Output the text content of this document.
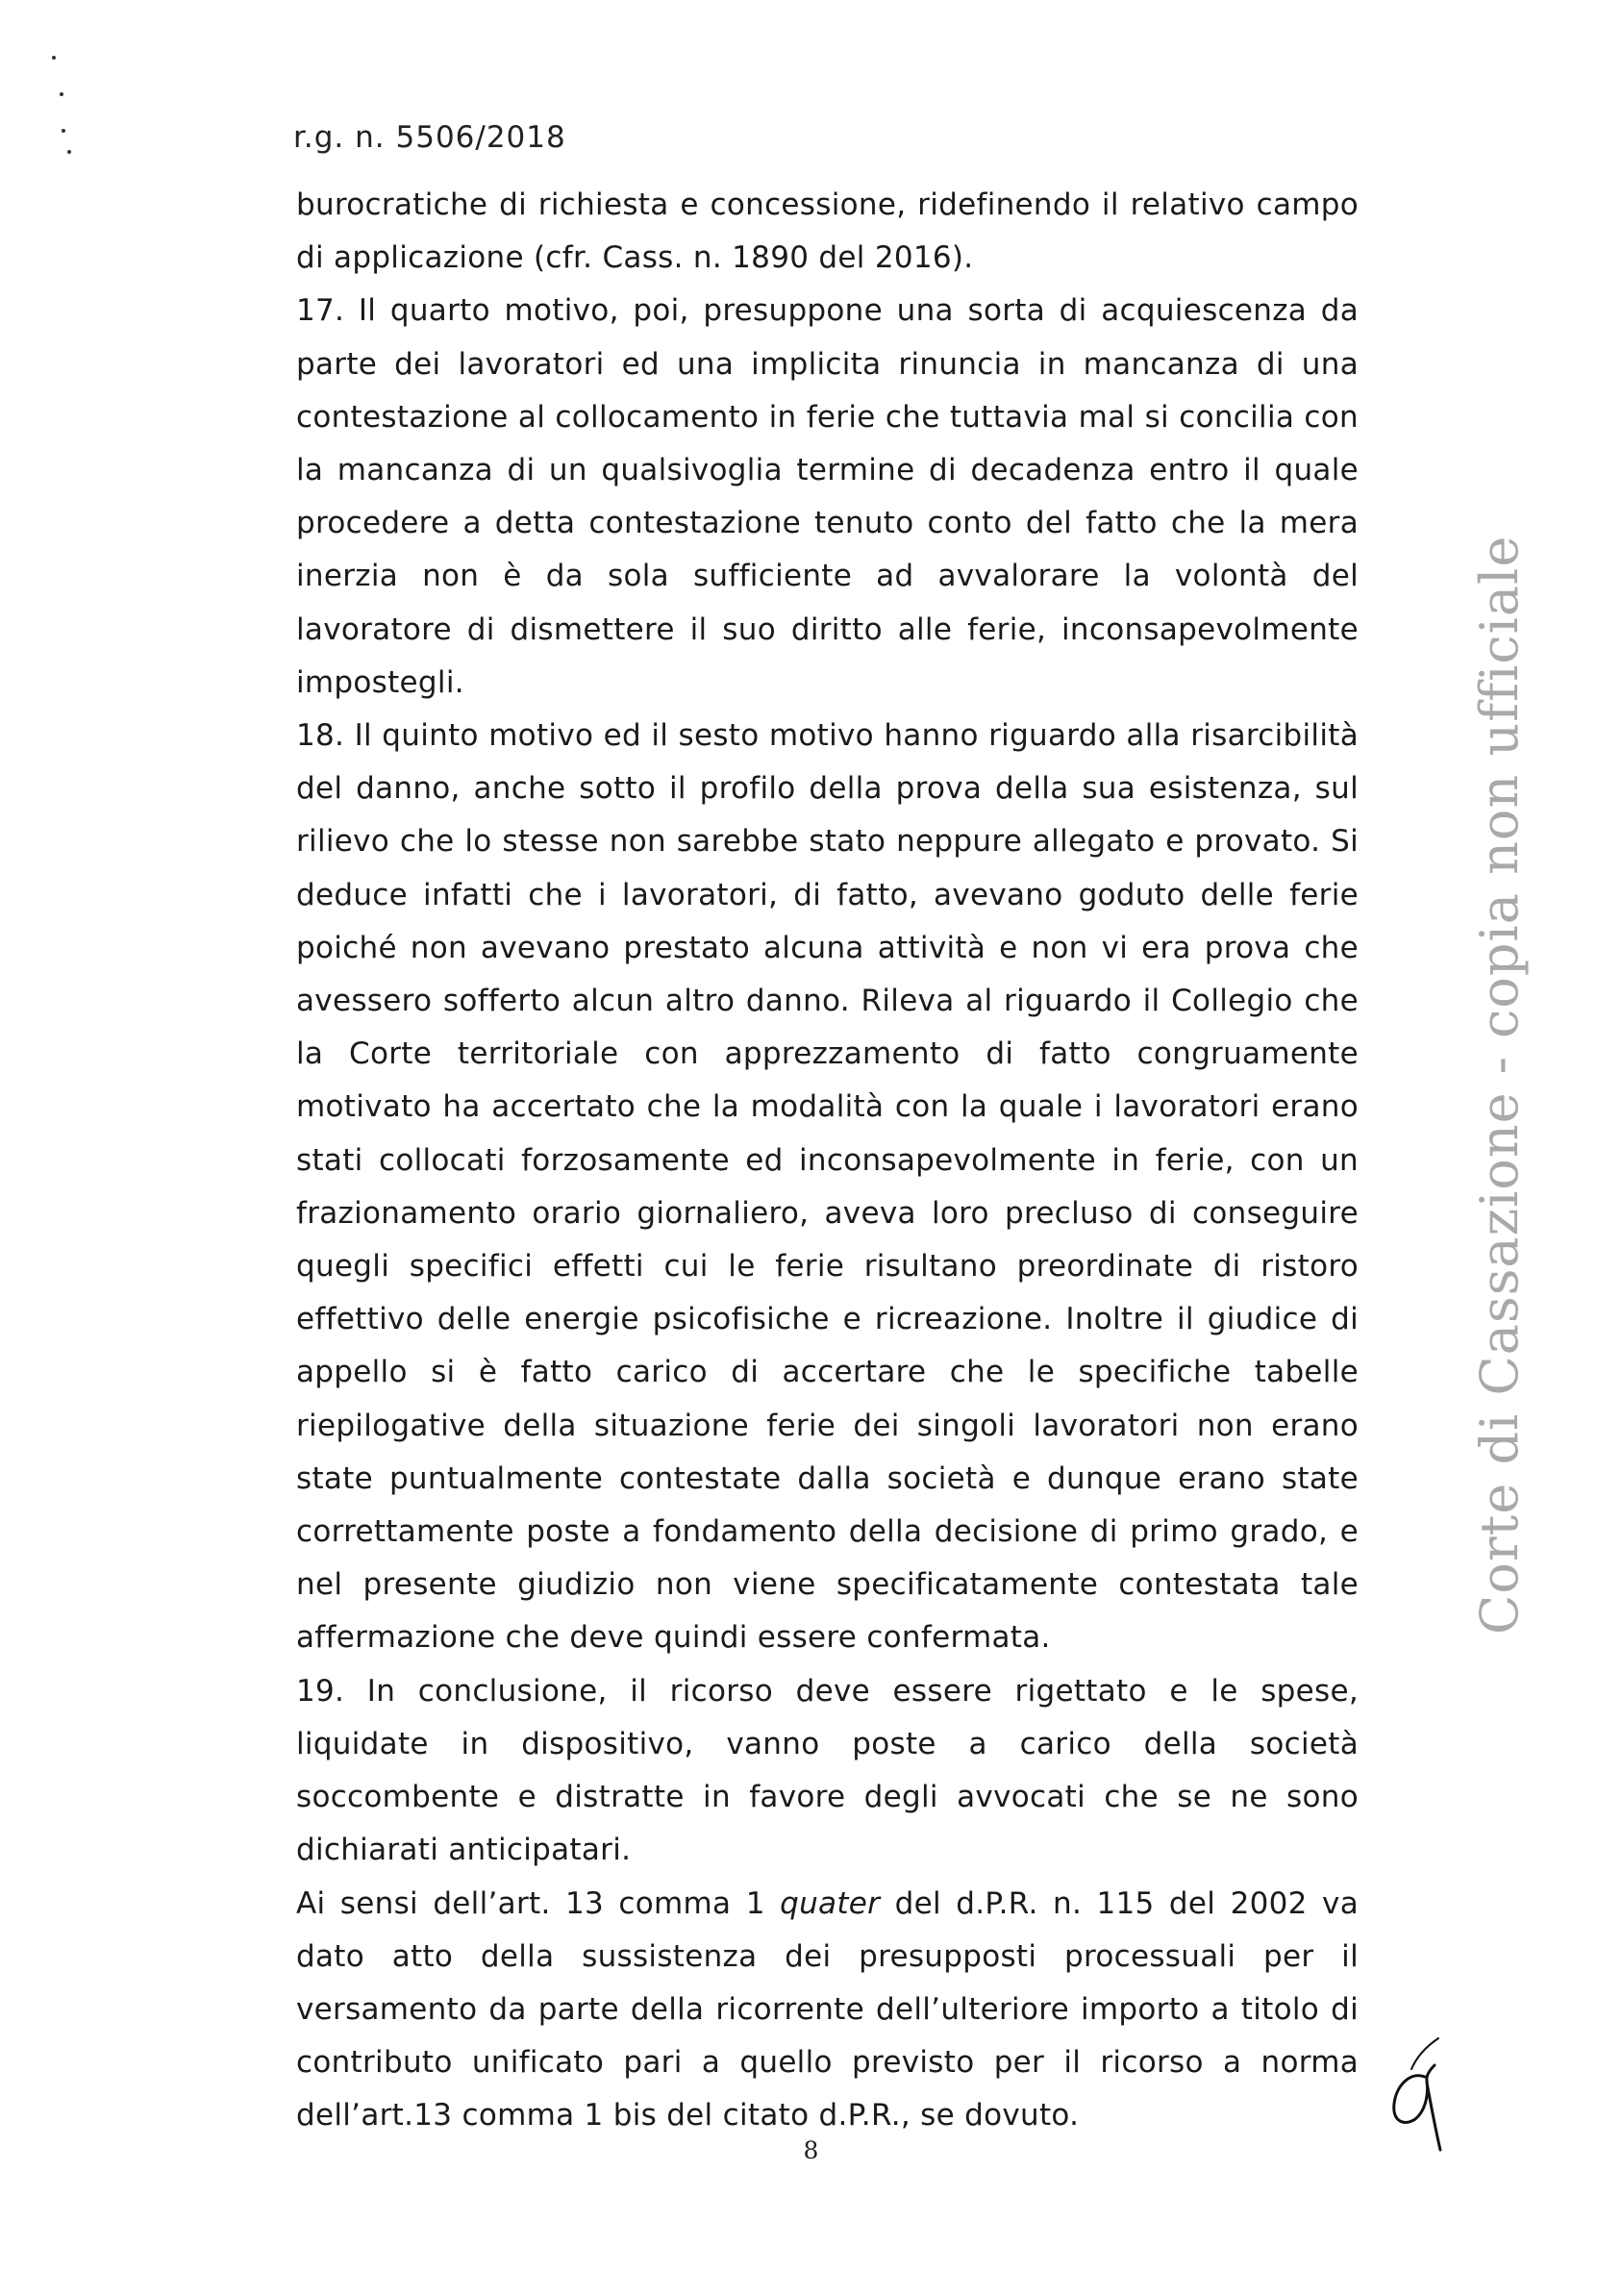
r.g. n. 5506/2018

burocratiche di richiesta e concessione, ridefinendo il relativo campo di applicazione (cfr. Cass. n. 1890 del 2016).

17. Il quarto motivo, poi, presuppone una sorta di acquiescenza da parte dei lavoratori ed una implicita rinuncia in mancanza di una contestazione al collocamento in ferie che tuttavia mal si concilia con la mancanza di un qualsivoglia termine di decadenza entro il quale procedere a detta contestazione tenuto conto del fatto che la mera inerzia non è da sola sufficiente ad avvalorare la volontà del lavoratore di dismettere il suo diritto alle ferie, inconsapevolmente impostegli.

18. Il quinto motivo ed il sesto motivo hanno riguardo alla risarcibilità del danno, anche sotto il profilo della prova della sua esistenza, sul rilievo che lo stesse non sarebbe stato neppure allegato e provato. Si deduce infatti che i lavoratori, di fatto, avevano goduto delle ferie poiché non avevano prestato alcuna attività e non vi era prova che avessero sofferto alcun altro danno. Rileva al riguardo il Collegio che la Corte territoriale con apprezzamento di fatto congruamente motivato ha accertato che la modalità con la quale i lavoratori erano stati collocati forzosamente ed inconsapevolmente in ferie, con un frazionamento orario giornaliero, aveva loro precluso di conseguire quegli specifici effetti cui le ferie risultano preordinate di ristoro effettivo delle energie psicofisiche e ricreazione. Inoltre il giudice di appello si è fatto carico di accertare che le specifiche tabelle riepilogative della situazione ferie dei singoli lavoratori non erano state puntualmente contestate dalla società e dunque erano state correttamente poste a fondamento della decisione di primo grado, e nel presente giudizio non viene specificatamente contestata tale affermazione che deve quindi essere confermata.

19. In conclusione, il ricorso deve essere rigettato e le spese, liquidate in dispositivo, vanno poste a carico della società soccombente e distratte in favore degli avvocati che se ne sono dichiarati anticipatari.

Ai sensi dell’art. 13 comma 1 quater del d.P.R. n. 115 del 2002 va dato atto della sussistenza dei presupposti processuali per il versamento da parte della ricorrente dell’ulteriore importo a titolo di contributo unificato pari a quello previsto per il ricorso a norma dell’art.13 comma 1 bis del citato d.P.R., se dovuto.

Corte di Cassazione - copia non ufficiale
8
